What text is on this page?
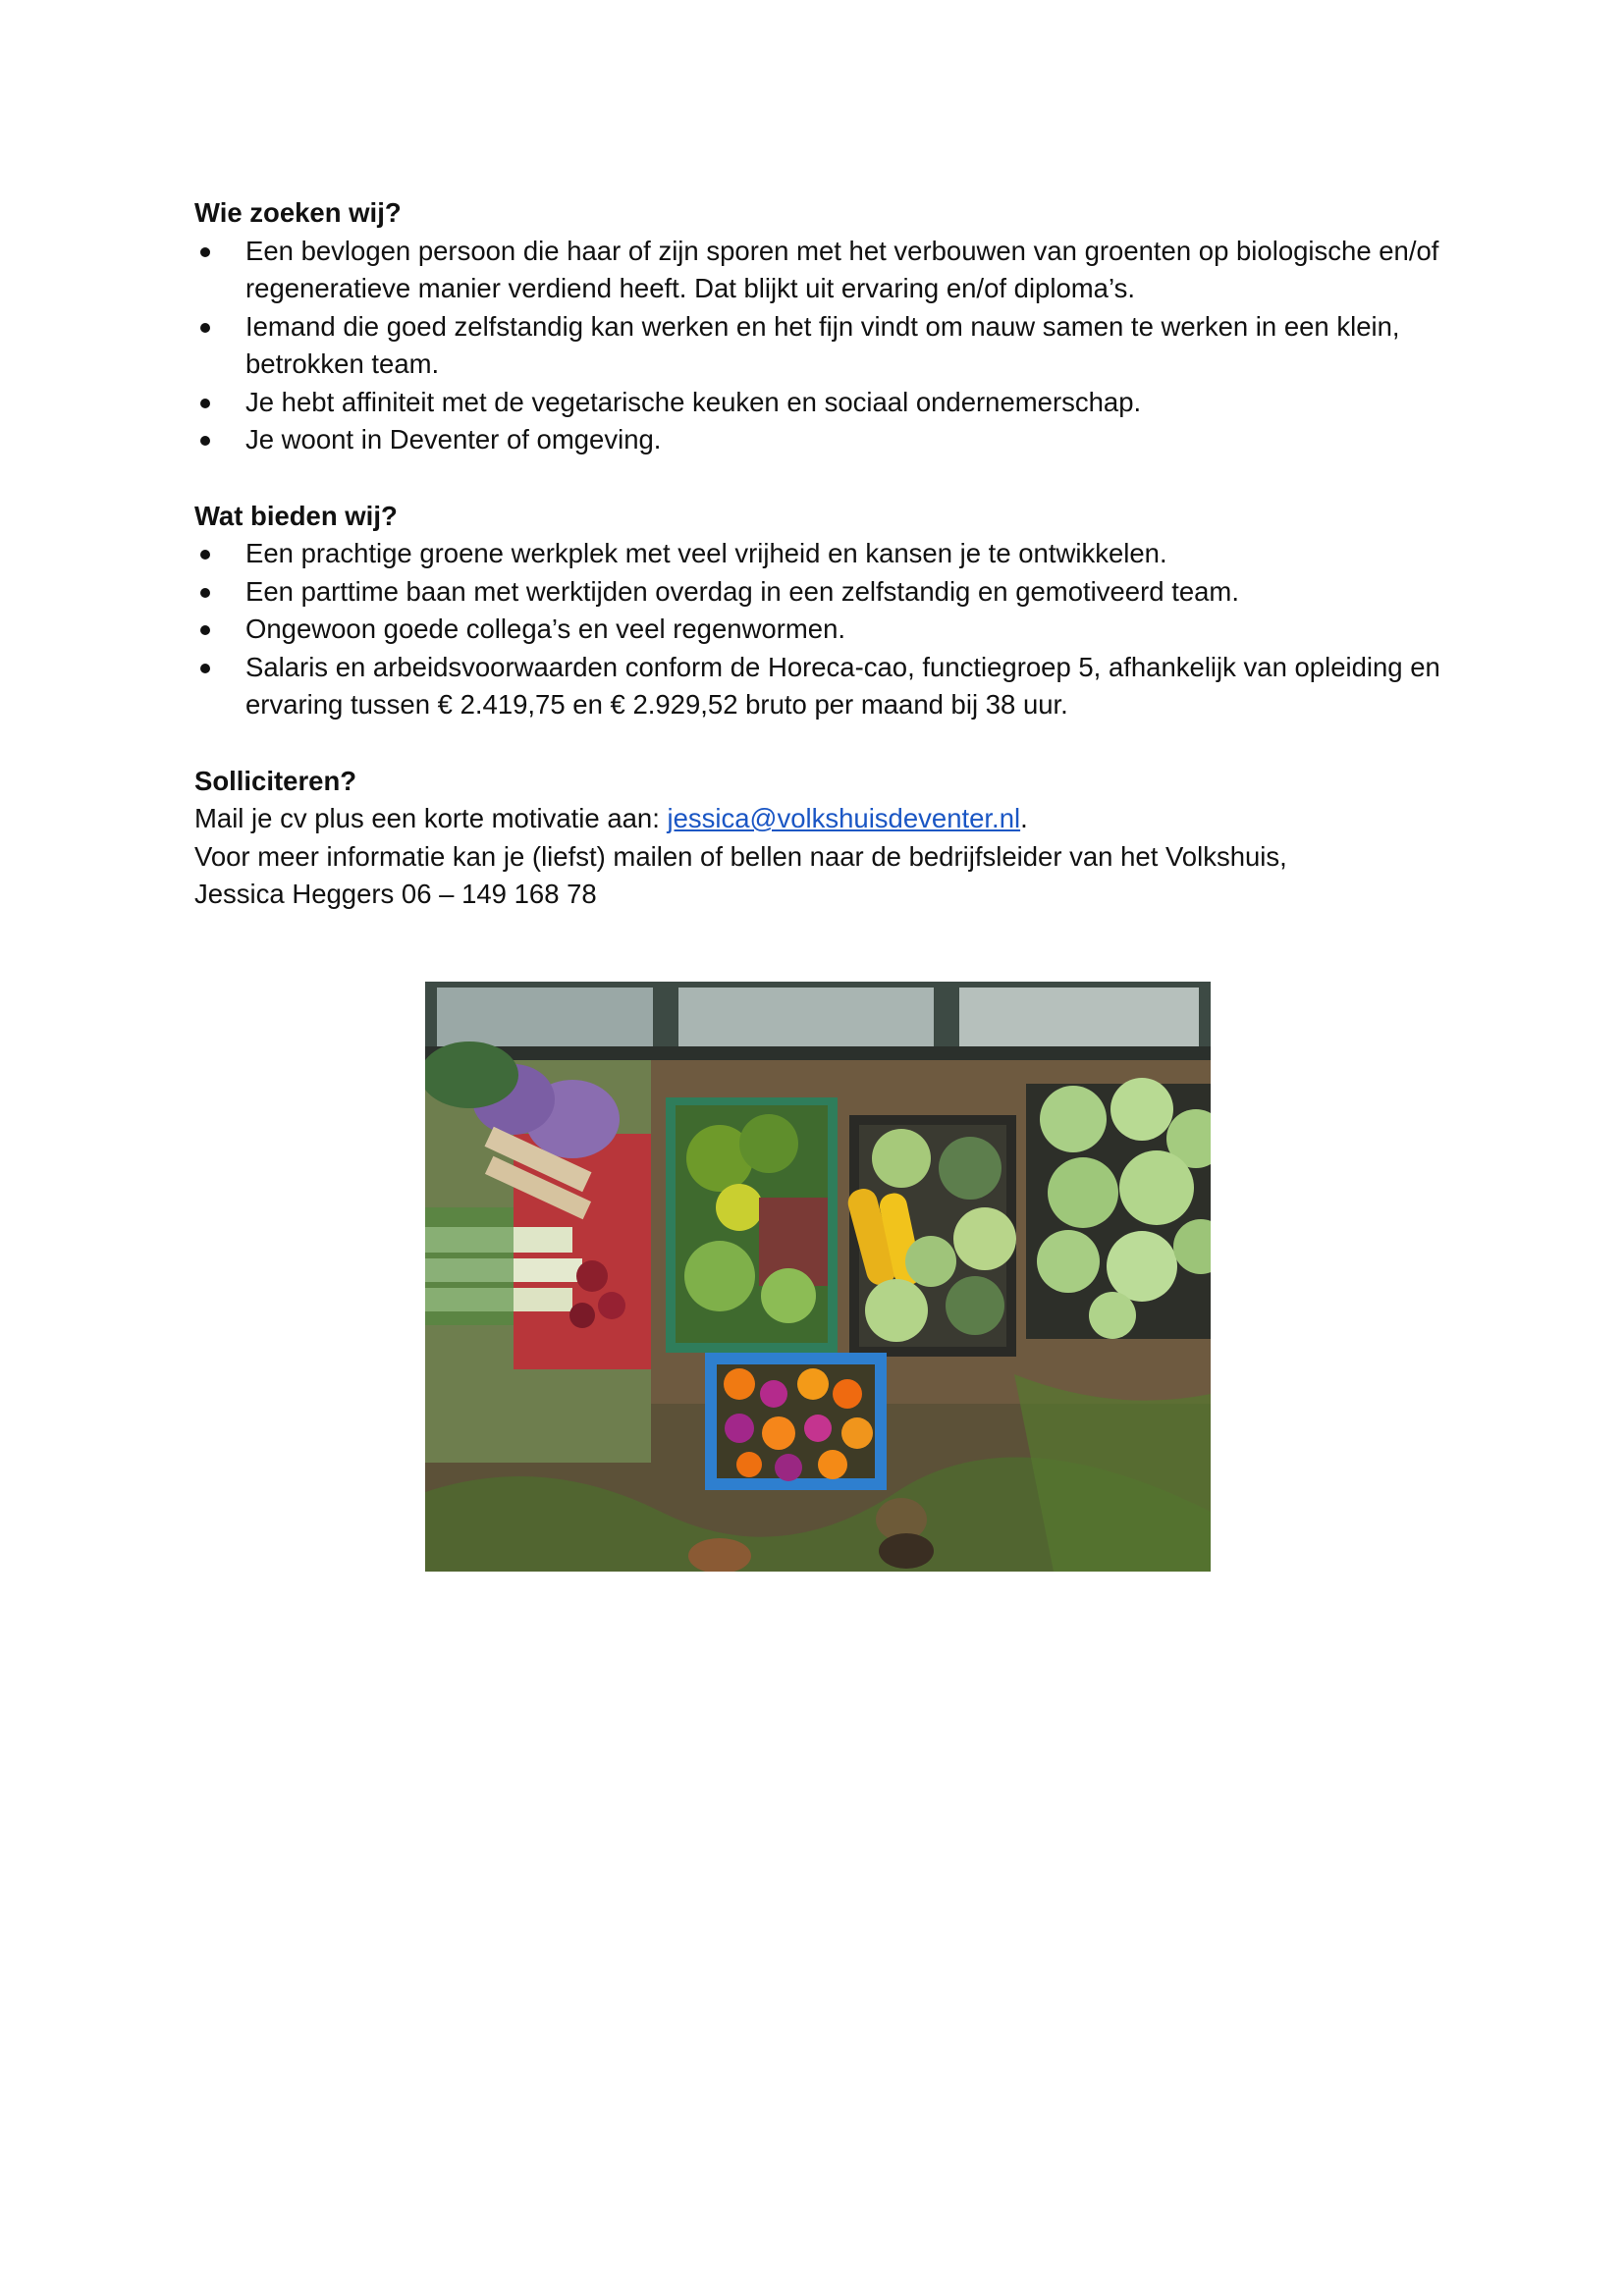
Wie zoeken wij?

Een bevlogen persoon die haar of zijn sporen met het verbouwen van groenten op biologische en/of regeneratieve manier verdiend heeft. Dat blijkt uit ervaring en/of diploma’s.
Iemand die goed zelfstandig kan werken en het fijn vindt om nauw samen te werken in een klein, betrokken team.
Je hebt affiniteit met de vegetarische keuken en sociaal ondernemerschap.
Je woont in Deventer of omgeving.

Wat bieden wij?

Een prachtige groene werkplek met veel vrijheid en kansen je te ontwikkelen.
Een parttime baan met werktijden overdag in een zelfstandig en gemotiveerd team.
Ongewoon goede collega’s en veel regenwormen.
Salaris en arbeidsvoorwaarden conform de Horeca-cao, functiegroep 5, afhankelijk van opleiding en ervaring tussen € 2.419,75 en € 2.929,52 bruto per maand bij 38 uur.

Solliciteren?

Mail je cv plus een korte motivatie aan: jessica@volkshuisdeventer.nl.

Voor meer informatie kan je (liefst) mailen of bellen naar de bedrijfsleider van het Volkshuis,

Jessica Heggers 06 – 149 168 78
